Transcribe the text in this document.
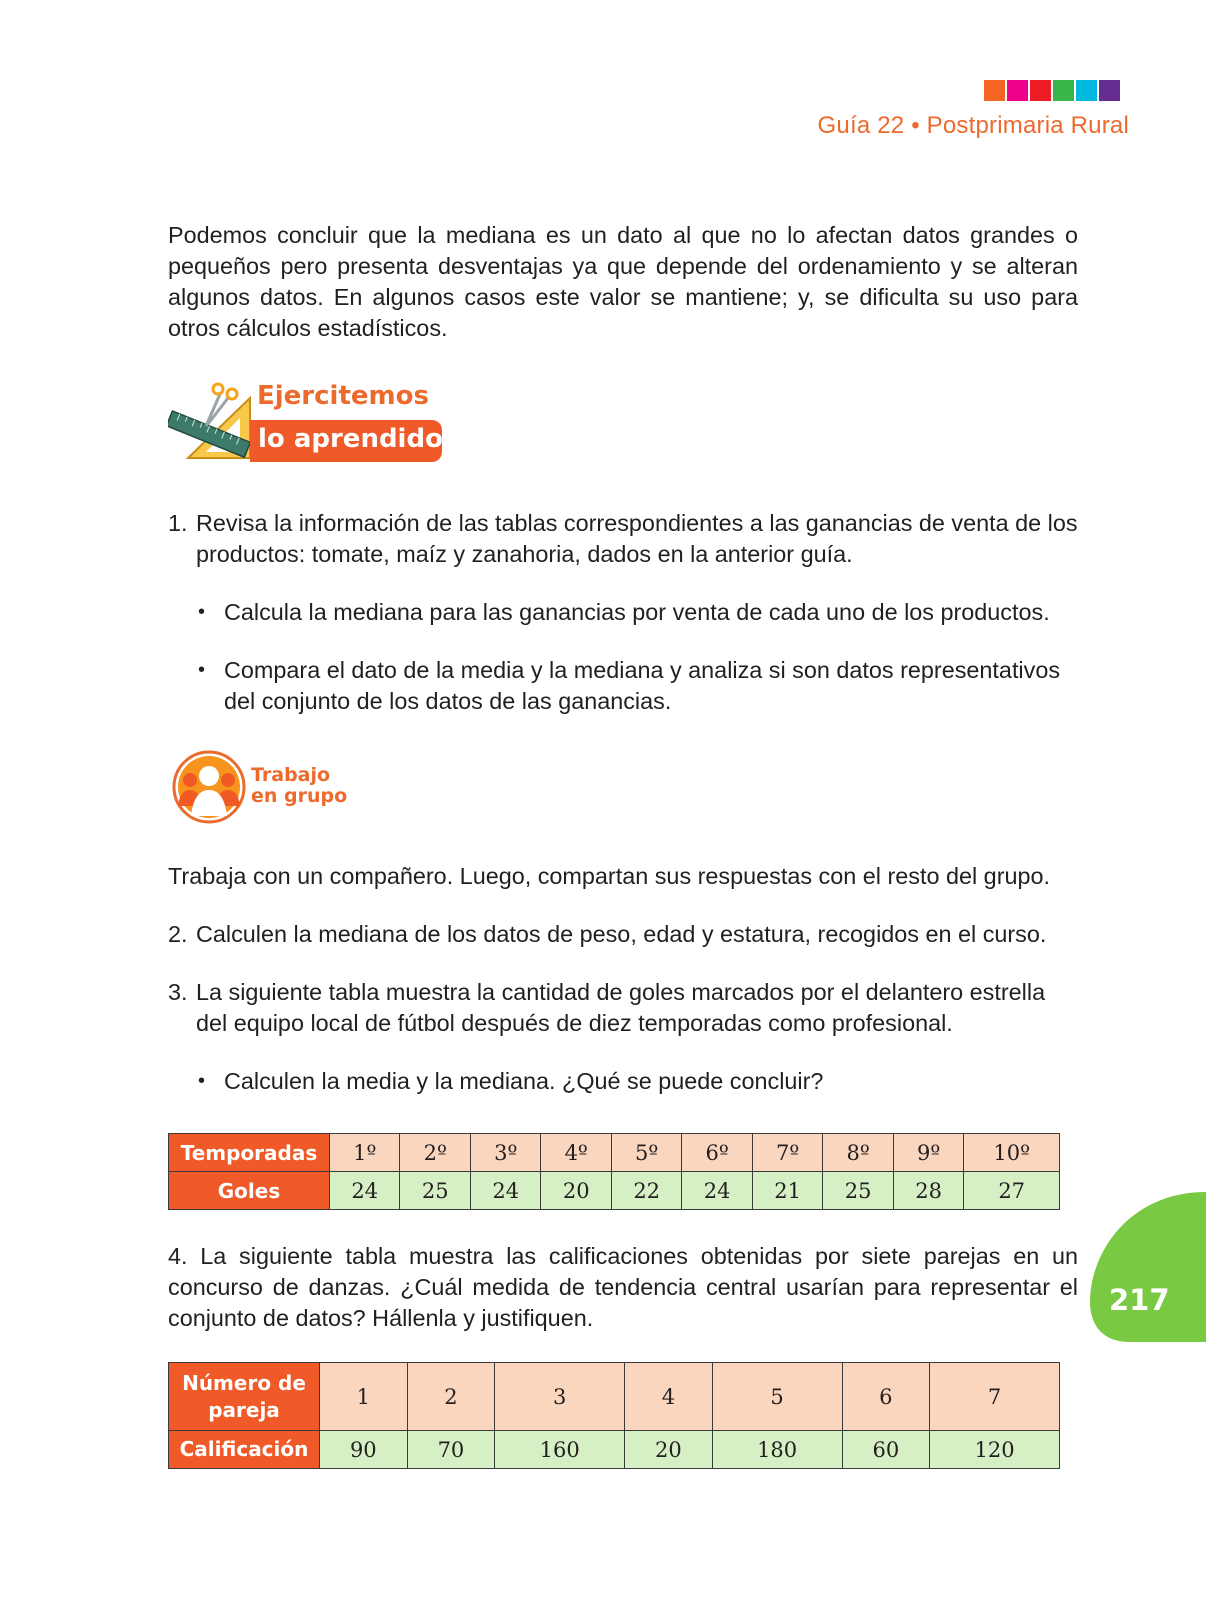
Guía 22 • Postprimaria Rural
Podemos concluir que la mediana es un dato al que no lo afectan datos grandes o pequeños pero presenta desventajas ya que depende del ordenamiento y se alteran algunos datos. En algunos casos este valor se mantiene; y, se dificulta su uso para otros cálculos estadísticos.
Ejercitemos
lo aprendido
1. Revisa la información de las tablas correspondientes a las ganancias de venta de los productos: tomate, maíz y zanahoria, dados en la anterior guía.
• Calcula la mediana para las ganancias por venta de cada uno de los productos.
• Compara el dato de la media y la mediana y analiza si son datos representativos del conjunto de los datos de las ganancias.
Trabajo
en grupo
Trabaja con un compañero. Luego, compartan sus respuestas con el resto del grupo.
2. Calculen la mediana de los datos de peso, edad y estatura, recogidos en el curso.
3. La siguiente tabla muestra la cantidad de goles marcados por el delantero estrella del equipo local de fútbol después de diez temporadas como profesional.
• Calculen la media y la mediana. ¿Qué se puede concluir?
Temporadas	1º	2º	3º	4º	5º	6º	7º	8º	9º	10º
Goles	24	25	24	20	22	24	21	25	28	27
4. La siguiente tabla muestra las calificaciones obtenidas por siete parejas en un concurso de danzas. ¿Cuál medida de tendencia central usarían para representar el conjunto de datos? Hállenla y justifiquen.
Número de
pareja	1	2	3	4	5	6	7
Calificación	90	70	160	20	180	60	120
217
